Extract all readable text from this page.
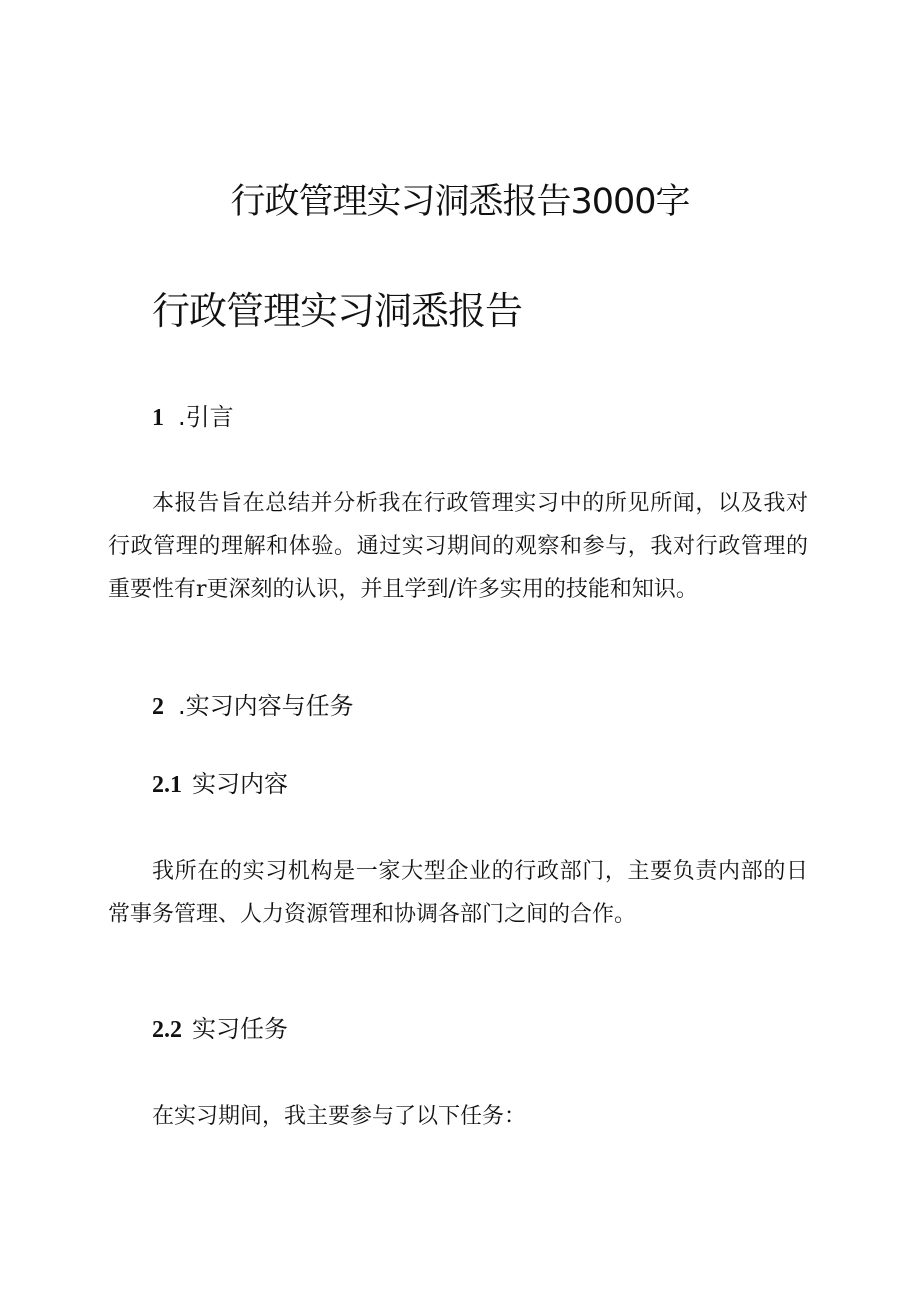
行政管理实习洞悉报告3000字
行政管理实习洞悉报告
1 .引言
本报告旨在总结并分析我在行政管理实习中的所见所闻，以及我对行政管理的理解和体验。通过实习期间的观察和参与，我对行政管理的重要性有r更深刻的认识，并且学到/许多实用的技能和知识。
2 .实习内容与任务
2.1 实习内容
我所在的实习机构是一家大型企业的行政部门，主要负责内部的日常事务管理、人力资源管理和协调各部门之间的合作。
2.2 实习任务
在实习期间，我主要参与了以下任务：
